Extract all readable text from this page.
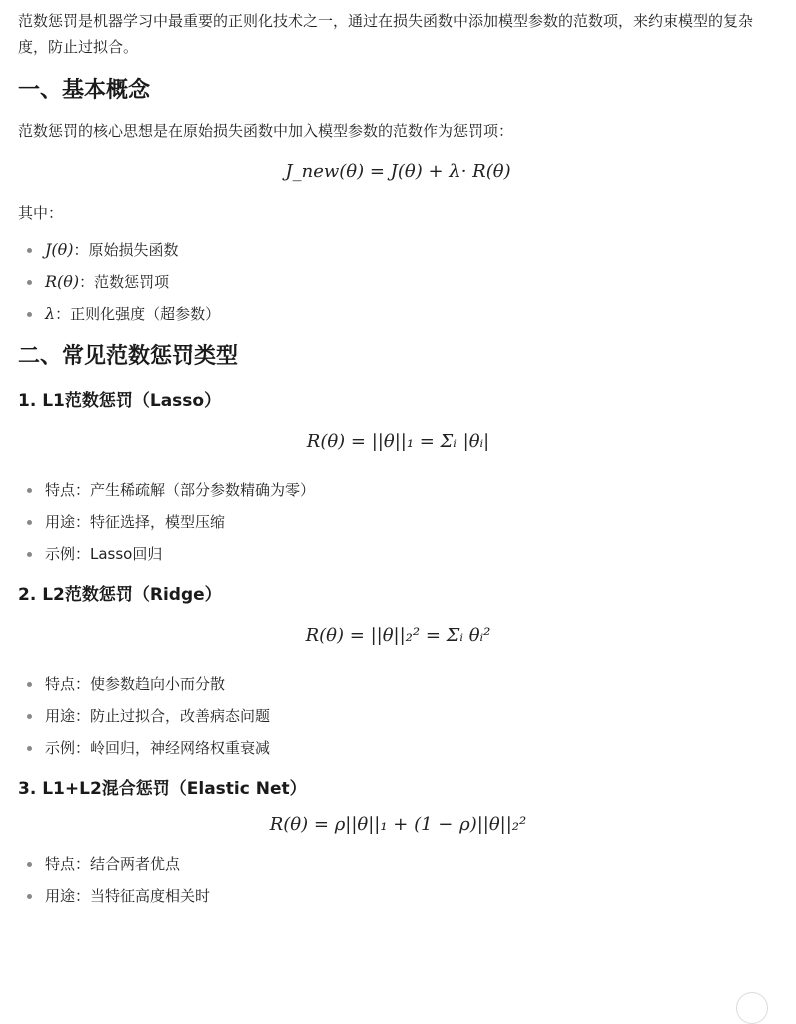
范数惩罚是机器学习中最重要的正则化技术之一，通过在损失函数中添加模型参数的范数项，来约束模型的复杂度，防止过拟合。

一、基本概念

范数惩罚的核心思想是在原始损失函数中加入模型参数的范数作为惩罚项：

J_new(θ) = J(θ) + λ· R(θ)

其中：

J(θ)：原始损失函数
R(θ)：范数惩罚项
λ：正则化强度（超参数）
二、常见范数惩罚类型
1. L1范数惩罚（Lasso）
R(θ) = ||θ||₁ = Σᵢ |θᵢ|
特点：产生稀疏解（部分参数精确为零）
用途：特征选择，模型压缩
示例：Lasso回归
2. L2范数惩罚（Ridge）
R(θ) = ||θ||₂² = Σᵢ θᵢ²
特点：使参数趋向小而分散
用途：防止过拟合，改善病态问题
示例：岭回归，神经网络权重衰减
3. L1+L2混合惩罚（Elastic Net）
R(θ) = ρ||θ||₁ + (1 − ρ)||θ||₂²
特点：结合两者优点
用途：当特征高度相关时
